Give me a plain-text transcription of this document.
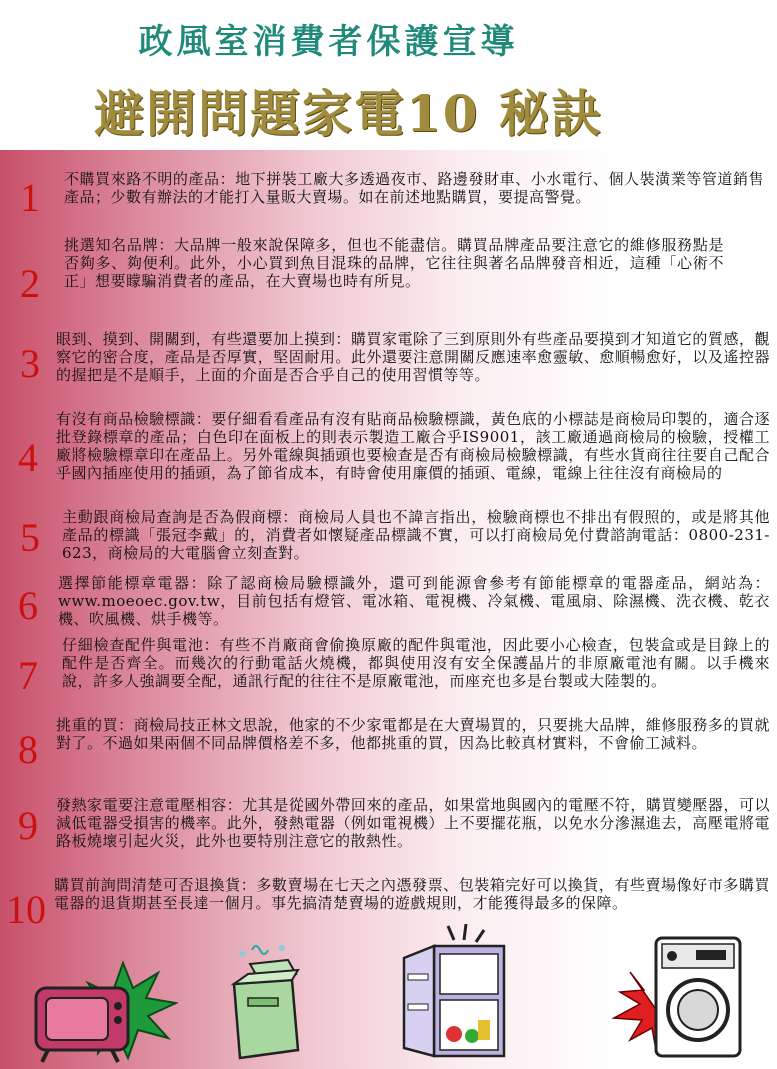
政風室消費者保護宣導
避開問題家電10 秘訣
1 不購買來路不明的產品：地下拼裝工廠大多透過夜市、路邊發財車、小水電行、個人裝潢業等管道銷售產品；少數有辦法的才能打入量販大賣場。如在前述地點購買，要提高警覺。
2
挑選知名品牌：大品牌一般來說保障多，但也不能盡信。購買品牌產品要注意它的維修服務點是否夠多、夠便利。此外，小心買到魚目混珠的品牌，它往往與著名品牌發音相近，這種「心術不正」想要矇騙消費者的產品，在大賣場也時有所見。
3
眼到、摸到、開關到，有些還要加上摸到：購買家電除了三到原則外有些產品要摸到才知道它的質感，觀察它的密合度，產品是否厚實，堅固耐用。此外還要注意開關反應速率愈靈敏、愈順暢愈好，以及遙控器的握把是不是順手，上面的介面是否合乎自己的使用習慣等等。
4
有沒有商品檢驗標識：要仔細看看產品有沒有貼商品檢驗標識，黃色底的小標誌是商檢局印製的，適合逐批登錄標章的產品；白色印在面板上的則表示製造工廠合乎IS9001，該工廠通過商檢局的檢驗，授權工廠將檢驗標章印在產品上。另外電線與插頭也要檢查是否有商檢局檢驗標識，有些水貨商往往要自己配合乎國內插座使用的插頭，為了節省成本，有時會使用廉價的插頭、電線，電線上往往沒有商檢局的
5 主動跟商檢局查詢是否為假商標：商檢局人員也不諱言指出，檢驗商標也不排出有假照的，或是將其他產品的標識「張冠李戴」的，消費者如懷疑產品標識不實，可以打商檢局免付費諮詢電話：0800-231-623，商檢局的大電腦會立刻查對。
6 選擇節能標章電器：除了認商檢局驗標識外，還可到能源會參考有節能標章的電器產品，網站為：www.moeoec.gov.tw，目前包括有燈管、電冰箱、電視機、冷氣機、電風扇、除濕機、洗衣機、乾衣機、吹風機、烘手機等。
7
仔細檢查配件與電池：有些不肖廠商會偷換原廠的配件與電池，因此要小心檢查，包裝盒或是目錄上的配件是否齊全。而幾次的行動電話火燒機，都與使用沒有安全保護晶片的非原廠電池有關。以手機來說，許多人強調要全配，通訊行配的往往不是原廠電池，而座充也多是台製或大陸製的。
8
挑重的買：商檢局技正林文思說，他家的不少家電都是在大賣場買的，只要挑大品牌，維修服務多的買就對了。不過如果兩個不同品牌價格差不多，他都挑重的買，因為比較真材實料，不會偷工減料。
9 發熱家電要注意電壓相容：尤其是從國外帶回來的產品，如果當地與國內的電壓不符，購買變壓器，可以減低電器受損害的機率。此外，發熱電器（例如電視機）上不要擺花瓶，以免水分滲濕進去，高壓電將電路板燒壞引起火災，此外也要特別注意它的散熱性。
10
購買前詢問清楚可否退換貨：多數賣場在七天之內憑發票、包裝箱完好可以換貨，有些賣場像好市多購買電器的退貨期甚至長達一個月。事先搞清楚賣場的遊戲規則，才能獲得最多的保障。
